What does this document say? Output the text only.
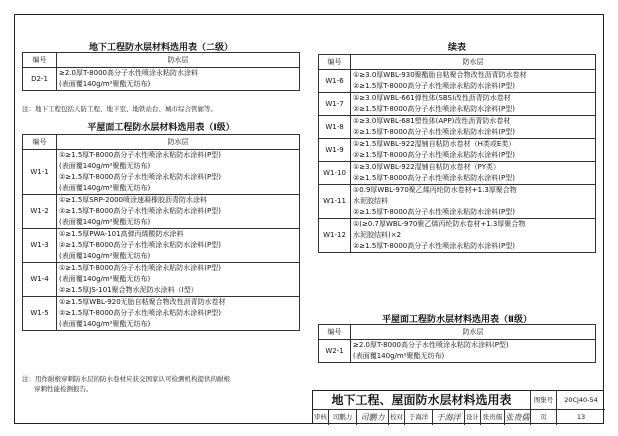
地下工程防水层材料选用表（二级）
编号	防水层
D2-1	≥2.0厚T-8000高分子水性喷涂永粘防水涂料
(表面覆140g/m²聚酯无纺布)
注：地下工程包括人防工程、地下室、地铁站台、城市综合管廊等。
平屋面工程防水层材料选用表（Ⅰ级）
编号	防水层
W1-1	①≥1.5厚T-8000高分子水性喷涂永粘防水涂料(P型)
(表面覆140g/m²聚酯无纺布)
②≥1.5厚T-8000高分子水性喷涂永粘防水涂料(P型)
(表面覆140g/m²聚酯无纺布)

W1-2	①≥1.5厚SRP-2000喷涂速凝橡胶沥青防水涂料
②≥1.5厚T-8000高分子水性喷涂永粘防水涂料(P型)
(表面覆140g/m²聚酯无纺布)

W1-3	①≥1.5厚PWA-101高弹丙烯酸防水涂料
②≥1.5厚T-8000高分子水性喷涂永粘防水涂料(P型)
(表面覆140g/m²聚酯无纺布)

W1-4	①≥1.5厚T-8000高分子水性喷涂永粘防水涂料(P型)
(表面覆140g/m²聚酯无纺布)
②≥1.5厚JS-101聚合物水泥防水涂料（Ⅰ型）

W1-5	①≥1.5厚WBL-920无胎自粘聚合物改性沥青防水卷材
②≥1.5厚T-8000高分子水性喷涂永粘防水涂料(P型)
(表面覆140g/m²聚酯无纺布)
注：用作耐根穿刺防水层的防水卷材应获交国家认可检测机构提供的耐根
穿刺性能检测报告。
续表
编号	防水层
W1-6	①≥3.0厚WBL-930聚酯胎自粘聚合物改性沥青防水卷材
②≥1.5厚T-8000高分子水性喷涂永粘防水涂料(P型)

W1-7	①≥3.0厚WBL-661弹性体(SBS)改性沥青防水卷材
②≥1.5厚T-8000高分子水性喷涂永粘防水涂料(P型)

W1-8	①≥3.0厚WBL-681塑性体(APP)改性沥青防水卷材
②≥1.5厚T-8000高分子水性喷涂永粘防水涂料(P型)

W1-9	①≥1.5厚WBL-922湿铺自粘防水卷材（H类或E类）
②≥1.5厚T-8000高分子水性喷涂永粘防水涂料(P型)

W1-10	①≥3.0厚WBL-922湿铺自粘防水卷材（PY类）
②≥1.5厚T-8000高分子水性喷涂永粘防水涂料(P型)

W1-11	①0.9厚WBL-970聚乙烯丙纶防水卷材+1.3厚聚合物
水泥胶结料
②≥1.5厚T-8000高分子水性喷涂永粘防水涂料(P型)

W1-12	①(≥0.7厚WBL-970聚乙烯丙纶防水卷材+1.3厚聚合物
水泥胶结料)×2
②≥1.5厚T-8000高分子水性喷涂永粘防水涂料(P型)
平屋面工程防水层材料选用表（Ⅱ级）
编号	防水层
W2-1	≥2.0厚T-8000高分子水性喷涂永粘防水涂料(P型)
(表面覆140g/m²聚酯无纺布)
地下工程、屋面防水层材料选用表	图集号	20CJ40-54
审核 司鹏力	司鹏力 校对 于海洋	于海洋 设计 张贵儒 张贵儒	页	13
